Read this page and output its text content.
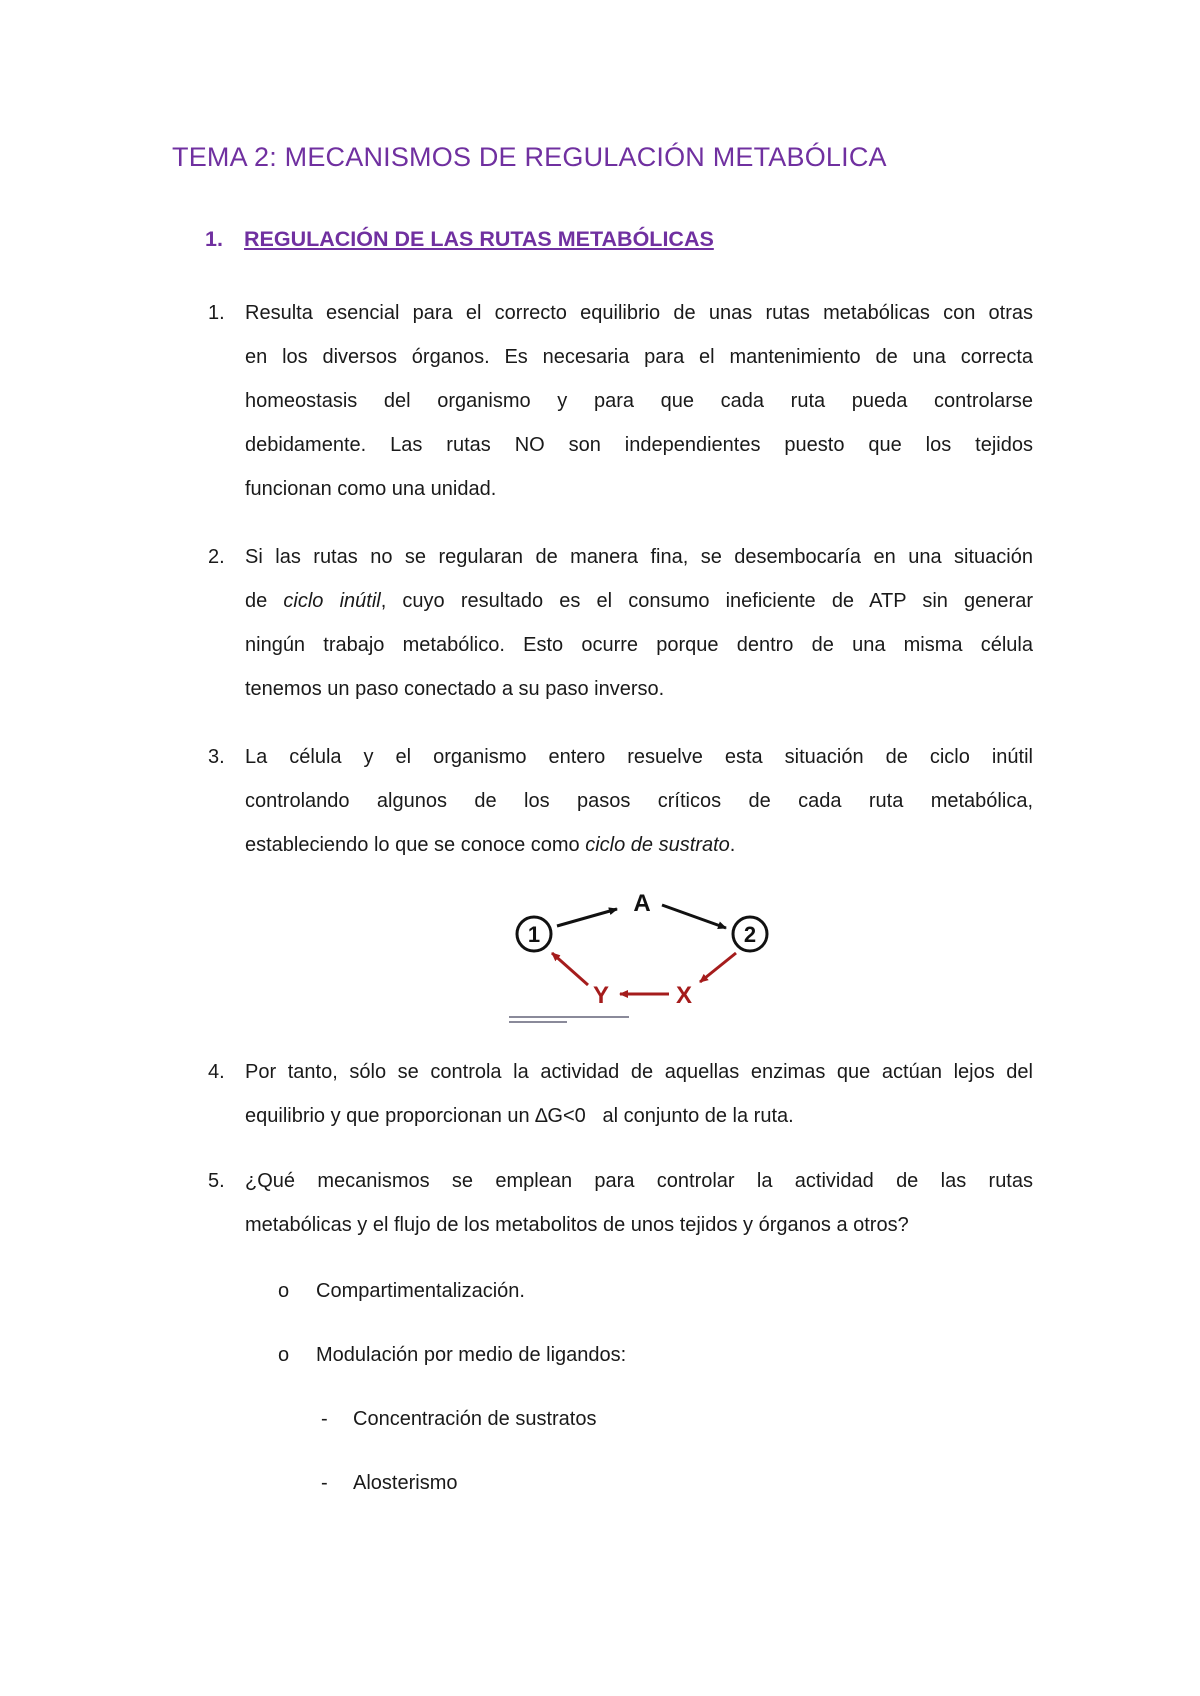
TEMA 2: MECANISMOS DE REGULACIÓN METABÓLICA
1. REGULACIÓN DE LAS RUTAS METABÓLICAS
1. Resulta esencial para el correcto equilibrio de unas rutas metabólicas con otras
en los diversos órganos. Es necesaria para el mantenimiento de una correcta
homeostasis del organismo y para que cada ruta pueda controlarse
debidamente. Las rutas NO son independientes puesto que los tejidos
funcionan como una unidad.
2. Si las rutas no se regularan de manera fina, se desembocaría en una situación
de ciclo inútil, cuyo resultado es el consumo ineficiente de ATP sin generar
ningún trabajo metabólico. Esto ocurre porque dentro de una misma célula
tenemos un paso conectado a su paso inverso.
3. La célula y el organismo entero resuelve esta situación de ciclo inútil
controlando algunos de los pasos críticos de cada ruta metabólica,
estableciendo lo que se conoce como ciclo de sustrato.
1	2
A
X
Y
4. Por tanto, sólo se controla la actividad de aquellas enzimas que actúan lejos del
equilibrio y que proporcionan un ∆G<0   al conjunto de la ruta.
5. ¿Qué mecanismos se emplean para controlar la actividad de las rutas
metabólicas y el flujo de los metabolitos de unos tejidos y órganos a otros?
o Compartimentalización.
o Modulación por medio de ligandos:
- Concentración de sustratos
- Alosterismo
